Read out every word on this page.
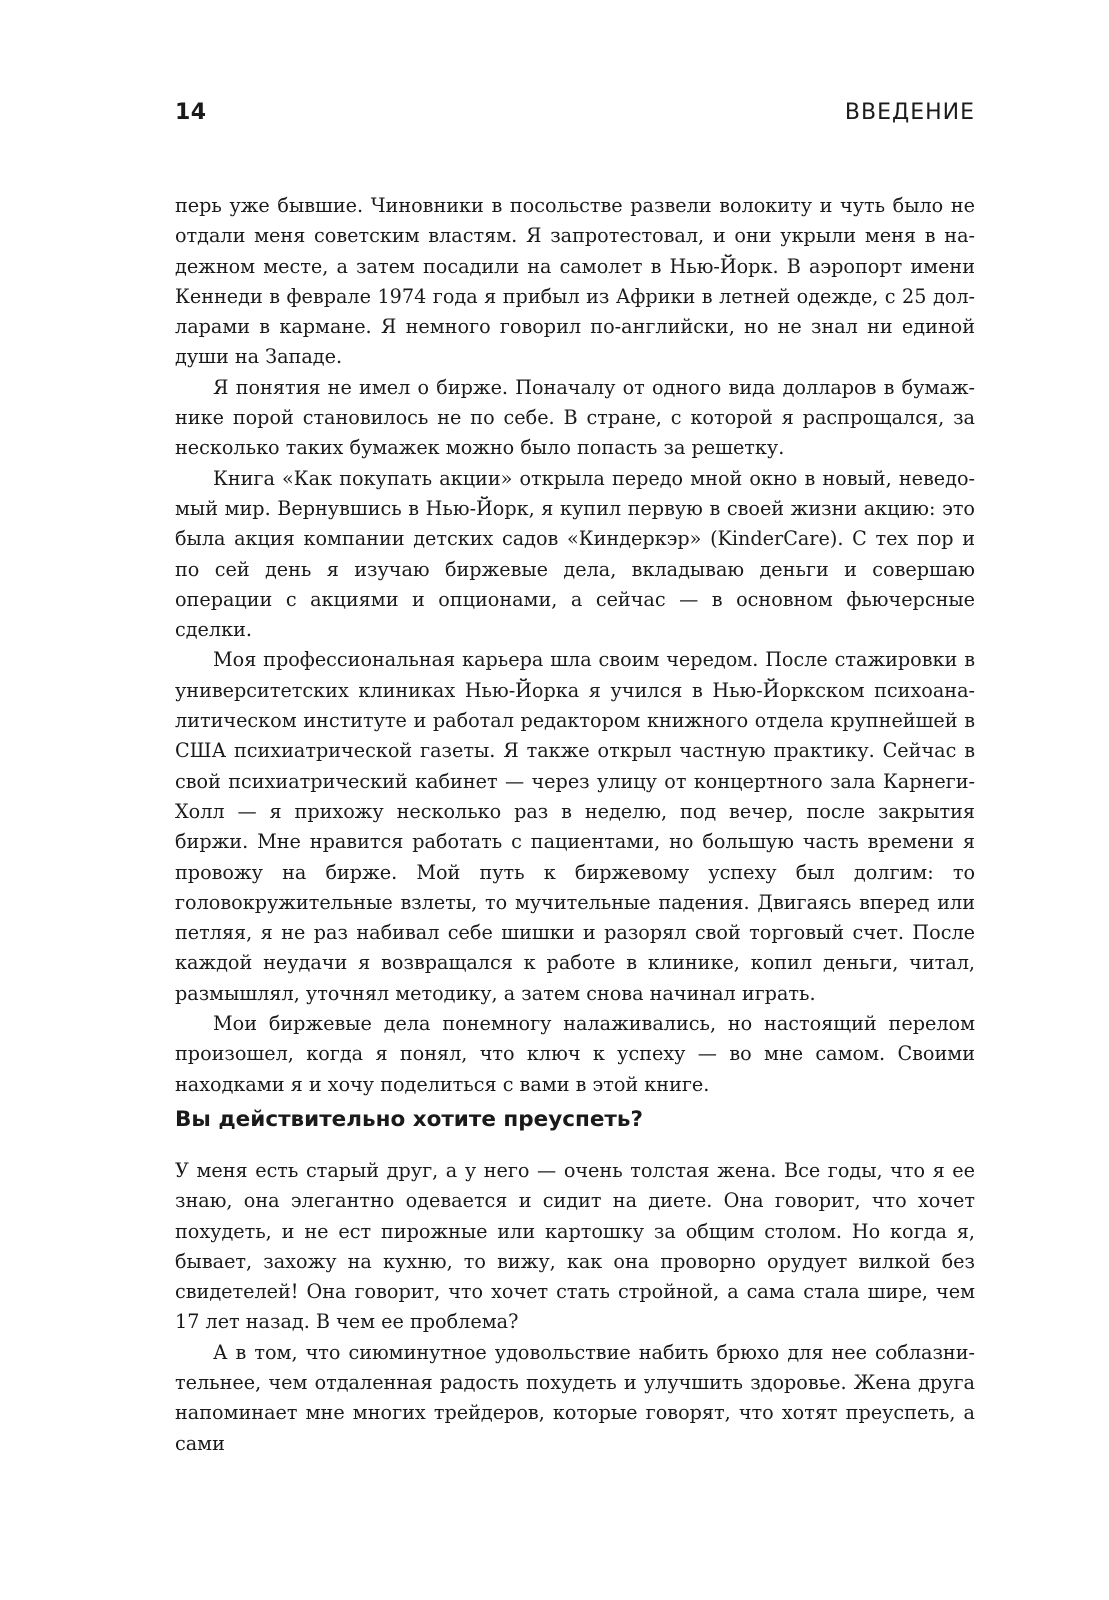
14	ВВЕДЕНИЕ

перь уже бывшие. Чиновники в посольстве развели волокиту и чуть было не отдали меня советским властям. Я запротестовал, и они укрыли меня в надежном месте, а затем посадили на самолет в Нью-Йорк. В аэропорт имени Кеннеди в феврале 1974 года я прибыл из Африки в летней одежде, с 25 долларами в кармане. Я немного говорил по-английски, но не знал ни единой души на Западе.

Я понятия не имел о бирже. Поначалу от одного вида долларов в бумажнике порой становилось не по себе. В стране, с которой я распрощался, за несколько таких бумажек можно было попасть за решетку.

Книга «Как покупать акции» открыла передо мной окно в новый, неведомый мир. Вернувшись в Нью-Йорк, я купил первую в своей жизни акцию: это была акция компании детских садов «Киндеркэр» (KinderCare). С тех пор и по сей день я изучаю биржевые дела, вкладываю деньги и совершаю операции с акциями и опционами, а сейчас — в основном фьючерсные сделки.

Моя профессиональная карьера шла своим чередом. После стажировки в университетских клиниках Нью-Йорка я учился в Нью-Йоркском психоаналитическом институте и работал редактором книжного отдела крупнейшей в США психиатрической газеты. Я также открыл частную практику. Сейчас в свой психиатрический кабинет — через улицу от концертного зала Карнеги-Холл — я прихожу несколько раз в неделю, под вечер, после закрытия биржи. Мне нравится работать с пациентами, но большую часть времени я провожу на бирже. Мой путь к биржевому успеху был долгим: то головокружительные взлеты, то мучительные падения. Двигаясь вперед или петляя, я не раз набивал себе шишки и разорял свой торговый счет. После каждой неудачи я возвращался к работе в клинике, копил деньги, читал, размышлял, уточнял методику, а затем снова начинал играть.

Мои биржевые дела понемногу налаживались, но настоящий перелом произошел, когда я понял, что ключ к успеху — во мне самом. Своими находками я и хочу поделиться с вами в этой книге.

Вы действительно хотите преуспеть?

У меня есть старый друг, а у него — очень толстая жена. Все годы, что я ее знаю, она элегантно одевается и сидит на диете. Она говорит, что хочет похудеть, и не ест пирожные или картошку за общим столом. Но когда я, бывает, захожу на кухню, то вижу, как она проворно орудует вилкой без свидетелей! Она говорит, что хочет стать стройной, а сама стала шире, чем 17 лет назад. В чем ее проблема?

А в том, что сиюминутное удовольствие набить брюхо для нее соблазнительнее, чем отдаленная радость похудеть и улучшить здоровье. Жена друга напоминает мне многих трейдеров, которые говорят, что хотят преуспеть, а сами
